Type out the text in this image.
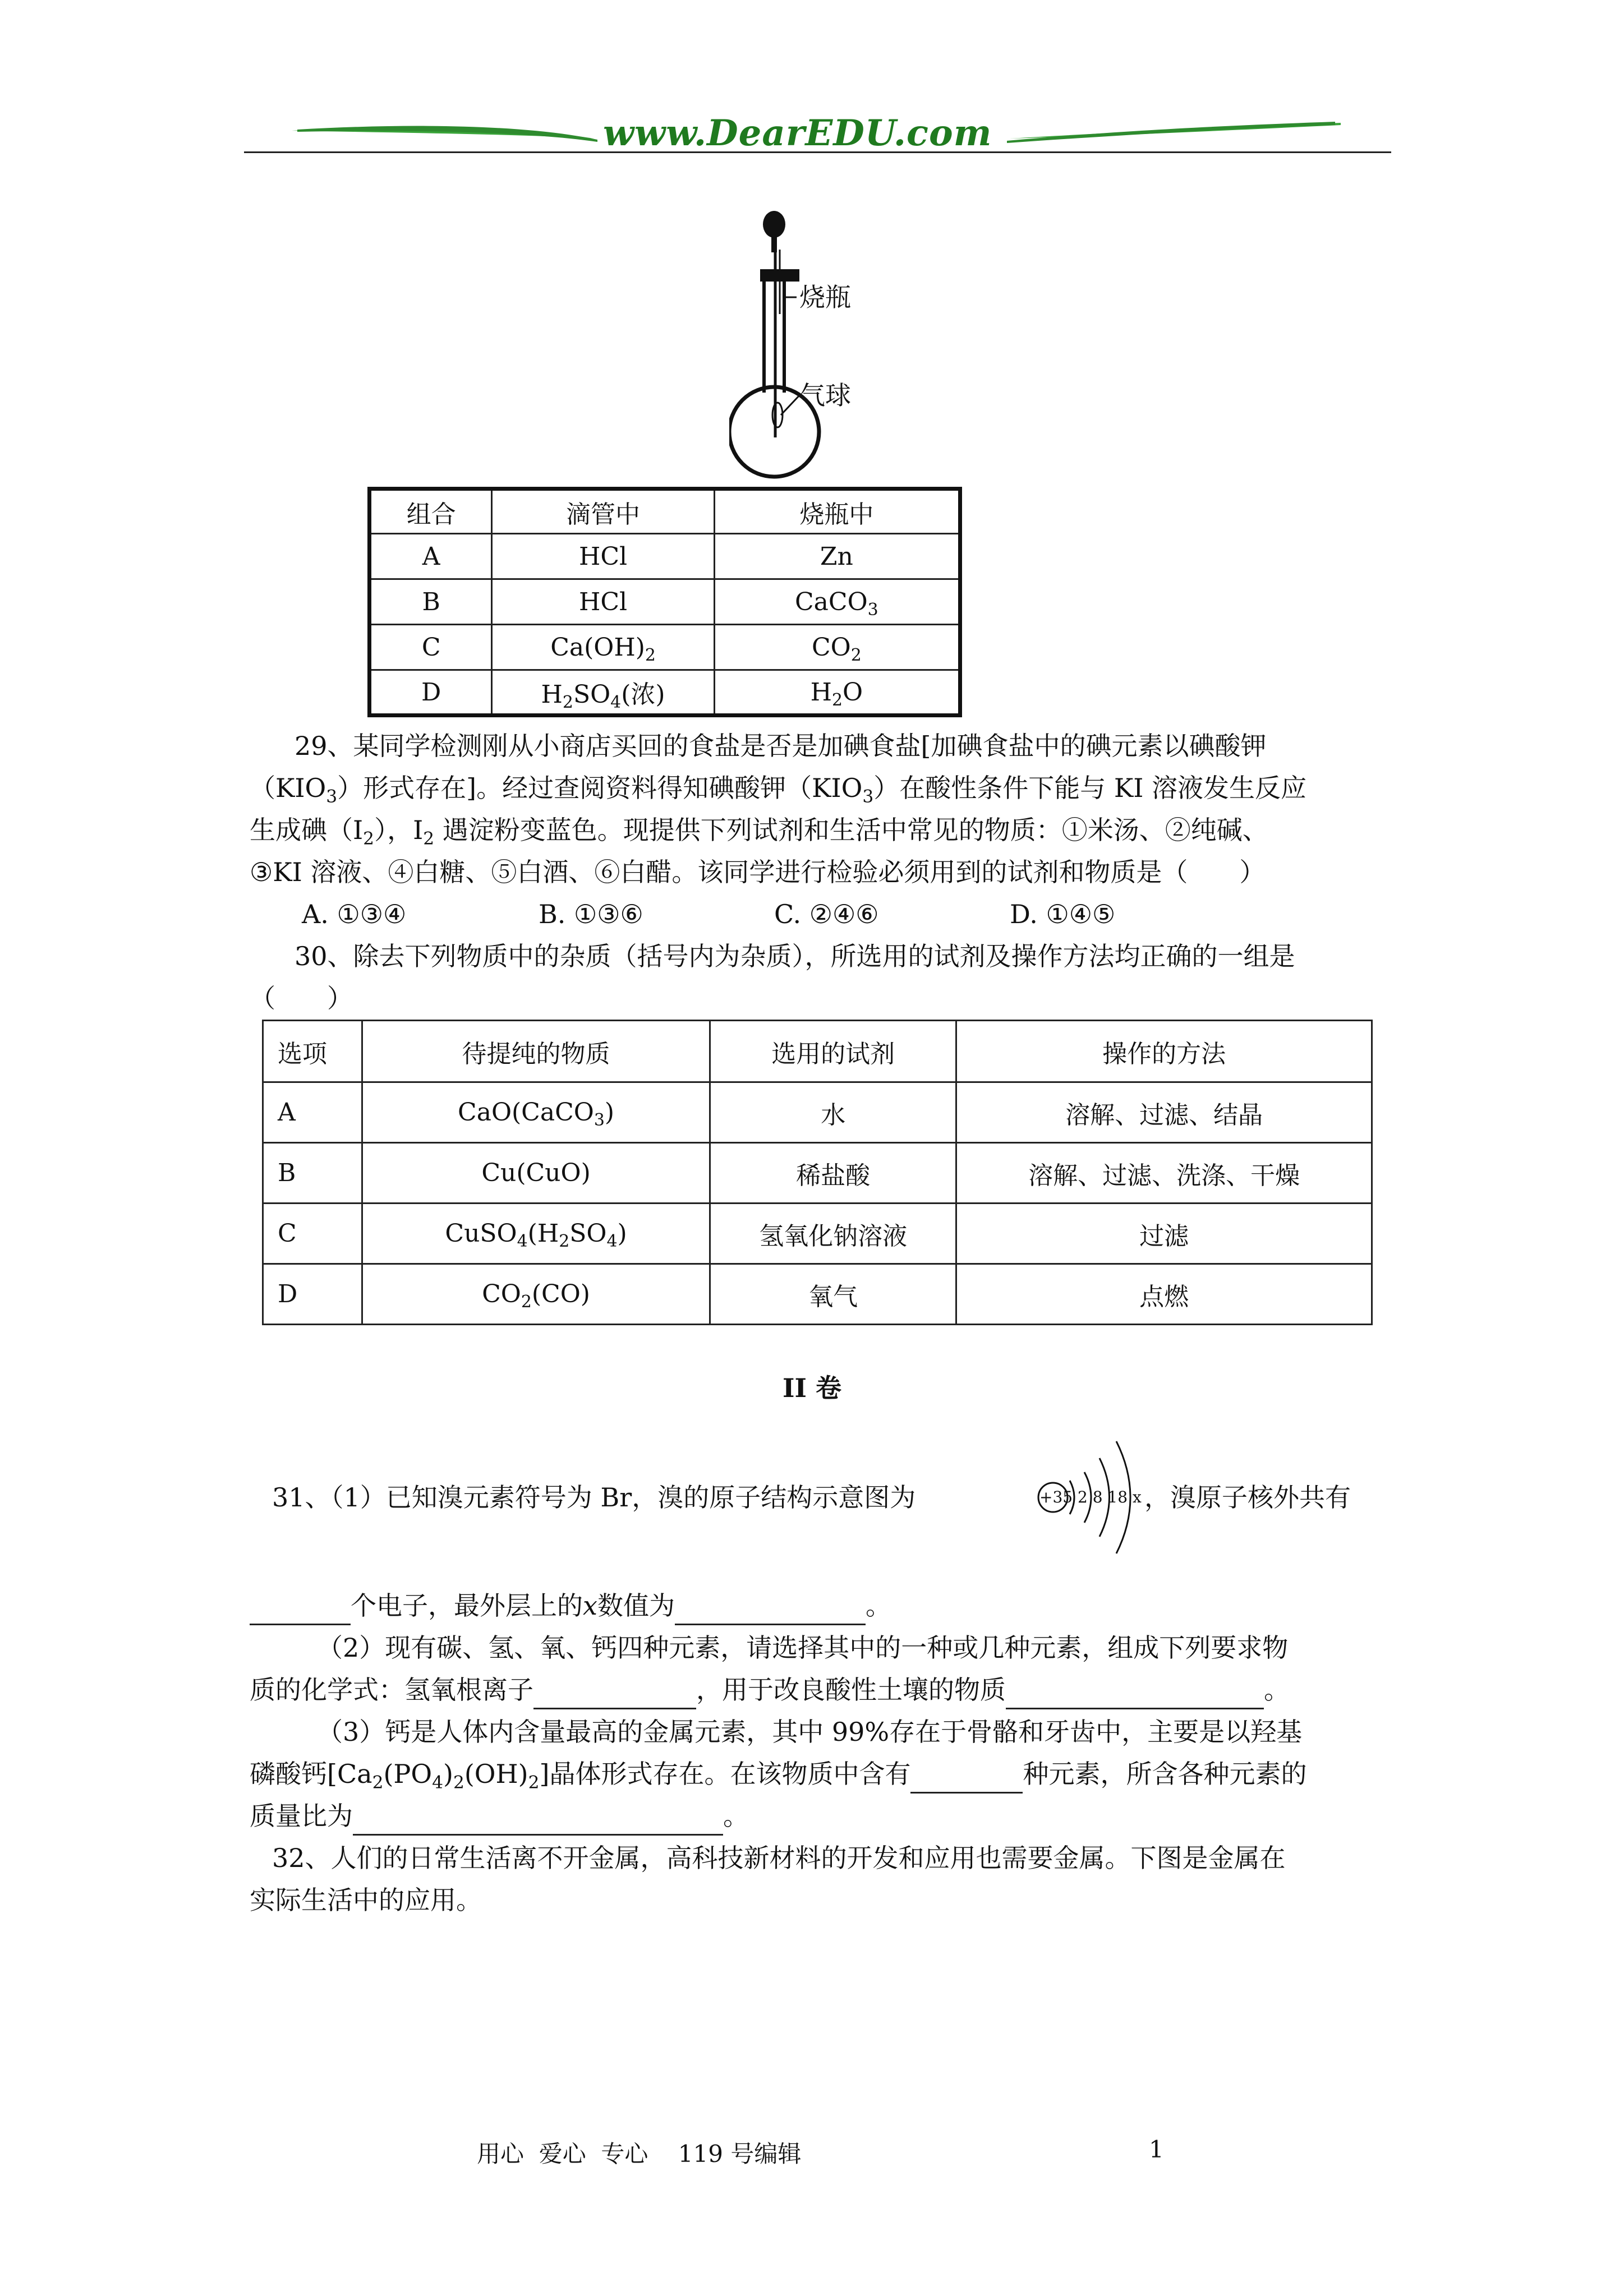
www.DearEDU.com
烧瓶
气球
组合	滴管中	烧瓶中
A	HCl	Zn
B	HCl	CaCO$_3$
C	$Ca(OH)_2$	$CO_2$
D	$H_2SO_4$(浓)	$H_2O$
29、某同学检测刚从小商店买回的食盐是否是加碘食盐[加碘食盐中的碘元素以碘酸钾
$(KIO_3)$形式存在]。经过查阅资料得知碘酸钾$(KIO_3)$在酸性条件下能与 KI 溶液发生反应
生成碘$(I_2)$，$I_2$ 遇淀粉变蓝色。现提供下列试剂和生活中常见的物质：①米汤、②纯碱、
③KI 溶液、④白糖、⑤白酒、⑥白醋。该同学进行检验必须用到的试剂和物质是（　　）
A. ①③④	B. ①③⑥	C. ②④⑥	D. ①④⑤
30、除去下列物质中的杂质（括号内为杂质），所选用的试剂及操作方法均正确的一组是
（　　）
选项	待提纯的物质	选用的试剂	操作的方法
A	CaO(CaCO$_3$)	水	溶解、过滤、结晶
B	Cu(CuO)	稀盐酸	溶解、过滤、洗涤、干燥
C	$CuSO_4(H_2SO_4)$	氢氧化钠溶液	过滤
D	$CO_2(CO)$	氧气	点燃
II 卷
31、（1）已知溴元素符号为 Br，溴的原子结构示意图为	+35 2 8 18 x ，溴原子核外共有
个电子，最外层上的x数值为	。
（2）现有碳、氢、氧、钙四种元素，请选择其中的一种或几种元素，组成下列要求物
质的化学式：氢氧根离子	，用于改良酸性土壤的物质	。
（3）钙是人体内含量最高的金属元素，其中 99%存在于骨骼和牙齿中，主要是以羟基
磷酸钙$[Ca_2(PO_4)_2(OH)_2]$晶体形式存在。在该物质中含有	种元素，所含各种元素的
质量比为	。
32、人们的日常生活离不开金属，高科技新材料的开发和应用也需要金属。下图是金属在
实际生活中的应用。
用心  爱心  专心    119 号编辑	1
